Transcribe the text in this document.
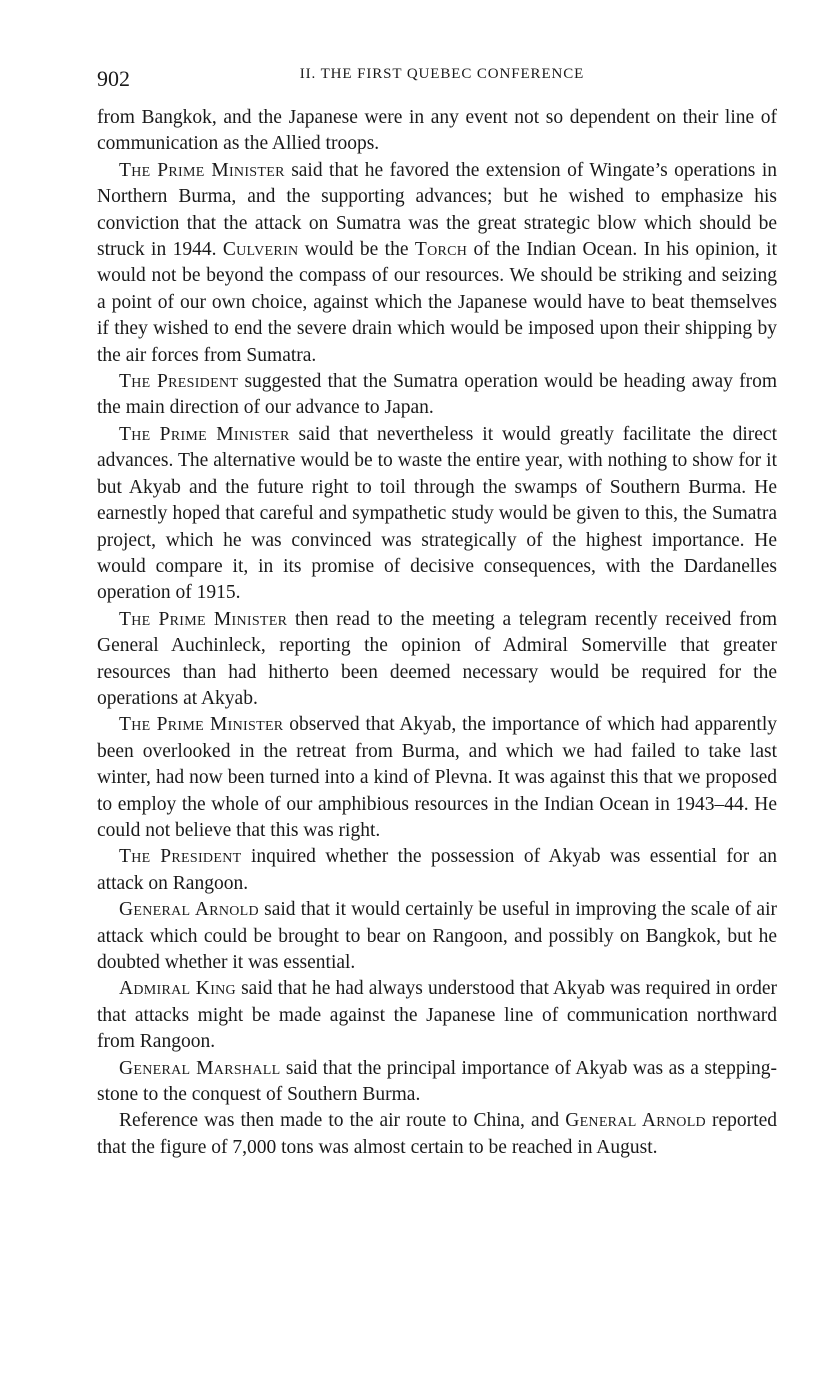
902	II. THE FIRST QUEBEC CONFERENCE

from Bangkok, and the Japanese were in any event not so dependent on their line of communication as the Allied troops.

The Prime Minister said that he favored the extension of Wingate’s operations in Northern Burma, and the supporting advances; but he wished to emphasize his conviction that the attack on Sumatra was the great strategic blow which should be struck in 1944. Culverin would be the Torch of the Indian Ocean. In his opinion, it would not be beyond the compass of our resources. We should be striking and seizing a point of our own choice, against which the Japanese would have to beat themselves if they wished to end the severe drain which would be imposed upon their shipping by the air forces from Sumatra.

The President suggested that the Sumatra operation would be heading away from the main direction of our advance to Japan.

The Prime Minister said that nevertheless it would greatly facilitate the direct advances. The alternative would be to waste the entire year, with nothing to show for it but Akyab and the future right to toil through the swamps of Southern Burma. He earnestly hoped that careful and sympathetic study would be given to this, the Sumatra project, which he was convinced was strategically of the highest importance. He would compare it, in its promise of decisive consequences, with the Dardanelles operation of 1915.

The Prime Minister then read to the meeting a telegram recently received from General Auchinleck, reporting the opinion of Admiral Somerville that greater resources than had hitherto been deemed necessary would be required for the operations at Akyab.

The Prime Minister observed that Akyab, the importance of which had apparently been overlooked in the retreat from Burma, and which we had failed to take last winter, had now been turned into a kind of Plevna. It was against this that we proposed to employ the whole of our amphibious resources in the Indian Ocean in 1943–44. He could not believe that this was right.

The President inquired whether the possession of Akyab was essential for an attack on Rangoon.

General Arnold said that it would certainly be useful in improving the scale of air attack which could be brought to bear on Rangoon, and possibly on Bangkok, but he doubted whether it was essential.

Admiral King said that he had always understood that Akyab was required in order that attacks might be made against the Japanese line of communication northward from Rangoon.

General Marshall said that the principal importance of Akyab was as a stepping-stone to the conquest of Southern Burma.

Reference was then made to the air route to China, and General Arnold reported that the figure of 7,000 tons was almost certain to be reached in August.
